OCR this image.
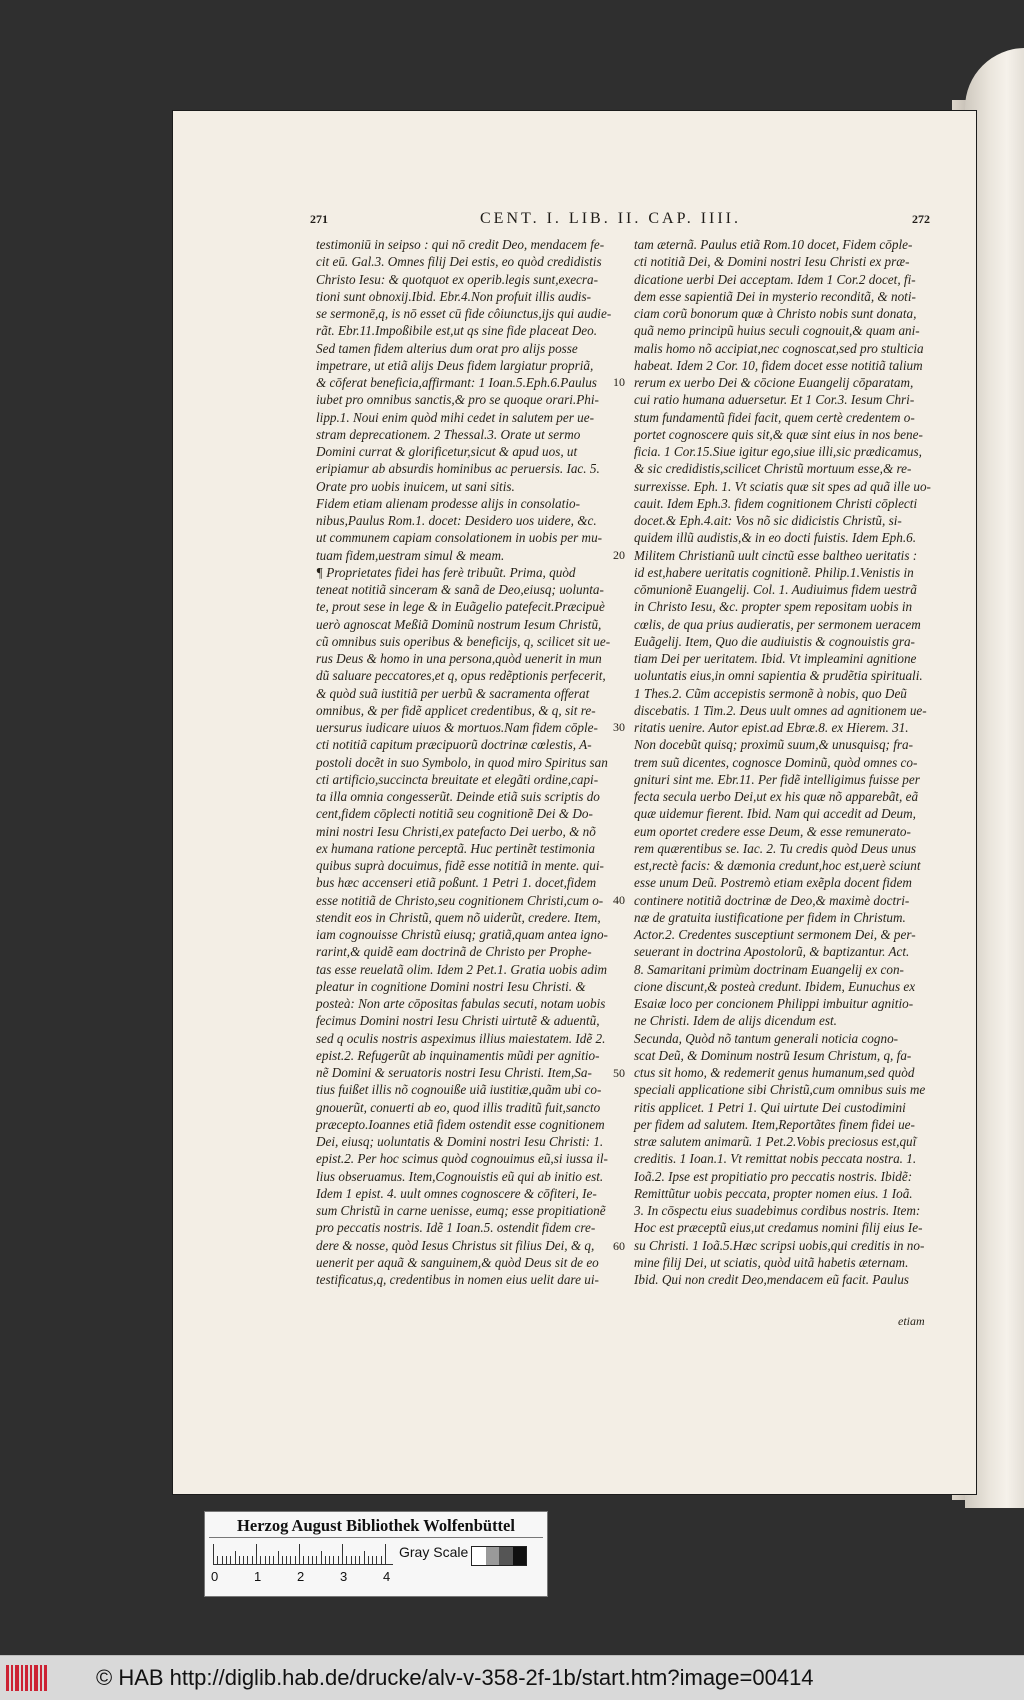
271	CENT. I. LIB. II. CAP. IIII.	272
testimoniū in seipso : qui nō credit Deo, mendacem fe-
cit eū. Gal.3. Omnes filij Dei estis, eo quòd credidistis
Christo Iesu: & quotquot ex operib.legis sunt,execra-
tioni sunt obnoxij.Ibid. Ebr.4.Non profuit illis audis-
se sermonē,q, is nō esset cū fide côiunctus,ijs qui audie-
rãt. Ebr.11.Impoßibile est,ut qs sine fide placeat Deo.
Sed tamen fidem alterius dum orat pro alijs posse
impetrare, ut etiã alijs Deus fidem largiatur propriã,
& cōferat beneficia,affirmant: 1 Ioan.5.Eph.6.Paulus
iubet pro omnibus sanctis,& pro se quoque orari.Phi-
lipp.1. Noui enim quòd mihi cedet in salutem per ue-
stram deprecationem. 2 Thessal.3. Orate ut sermo
Domini currat & glorificetur,sicut & apud uos, ut
eripiamur ab absurdis hominibus ac peruersis. Iac. 5.
Orate pro uobis inuicem, ut sani sitis.
Fidem etiam alienam prodesse alijs in consolatio-
nibus,Paulus Rom.1. docet: Desidero uos uidere, &c.
ut communem capiam consolationem in uobis per mu-
tuam fidem,uestram simul & meam.
¶ Proprietates fidei has ferè tribuũt. Prima, quòd
teneat notitiã sinceram & sanã de Deo,eiusq; uolunta-
te, prout sese in lege & in Euãgelio patefecit.Præcipuè
uerò agnoscat Meßiã Dominũ nostrum Iesum Christũ,
cũ omnibus suis operibus & beneficijs, q, scilicet sit ue-
rus Deus & homo in una persona,quòd uenerit in mun
dũ saluare peccatores,et q, opus redẽptionis perfecerit,
& quòd suã iustitiã per uerbũ & sacramenta offerat
omnibus, & per fidẽ applicet credentibus, & q, sit re-
uersurus iudicare uiuos & mortuos.Nam fidem cōple-
cti notitiã capitum præcipuorũ doctrinæ cœlestis, A-
postoli docẽt in suo Symbolo, in quod miro Spiritus san
cti artificio,succincta breuitate et elegãti ordine,capi-
ta illa omnia congesserũt. Deinde etiã suis scriptis do
cent,fidem cōplecti notitiã seu cognitionẽ Dei & Do-
mini nostri Iesu Christi,ex patefacto Dei uerbo, & nõ
ex humana ratione perceptã. Huc pertinẽt testimonia
quibus suprà docuimus, fidẽ esse notitiã in mente. qui-
bus hæc accenseri etiã poßunt. 1 Petri 1. docet,fidem
esse notitiã de Christo,seu cognitionem Christi,cum o-
stendit eos in Christũ, quem nõ uiderũt, credere. Item,
iam cognouisse Christũ eiusq; gratiã,quam antea igno-
rarint,& quidẽ eam doctrinã de Christo per Prophe-
tas esse reuelatã olim. Idem 2 Pet.1. Gratia uobis adim
pleatur in cognitione Domini nostri Iesu Christi. &
posteà: Non arte cōpositas fabulas secuti, notam uobis
fecimus Domini nostri Iesu Christi uirtutẽ & aduentũ,
sed q oculis nostris aspeximus illius maiestatem. Idẽ 2.
epist.2. Refugerũt ab inquinamentis mũdi per agnitio-
nẽ Domini & seruatoris nostri Iesu Christi. Item,Sa-
tius fuißet illis nõ cognouiße uiã iustitiæ,quãm ubi co-
gnouerũt, conuerti ab eo, quod illis traditũ fuit,sancto
præcepto.Ioannes etiã fidem ostendit esse cognitionem
Dei, eiusq; uoluntatis & Domini nostri Iesu Christi: 1.
epist.2. Per hoc scimus quòd cognouimus eũ,si iussa il-
lius obseruamus. Item,Cognouistis eũ qui ab initio est.
Idem 1 epist. 4. uult omnes cognoscere & cōfiteri, Ie-
sum Christũ in carne uenisse, eumq; esse propitiationẽ
pro peccatis nostris. Idẽ 1 Ioan.5. ostendit fidem cre-
dere & nosse, quòd Iesus Christus sit filius Dei, & q,
uenerit per aquã & sanguinem,& quòd Deus sit de eo
testificatus,q, credentibus in nomen eius uelit dare ui-
tam æternã. Paulus etiã Rom.10 docet, Fidem cōple-
cti notitiã Dei, & Domini nostri Iesu Christi ex præ-
dicatione uerbi Dei acceptam. Idem 1 Cor.2 docet, fi-
dem esse sapientiã Dei in mysterio reconditã, & noti-
ciam corũ bonorum quæ à Christo nobis sunt donata,
quã nemo principũ huius seculi cognouit,& quam ani-
malis homo nõ accipiat,nec cognoscat,sed pro stulticia
habeat. Idem 2 Cor. 10, fidem docet esse notitiã talium
rerum ex uerbo Dei & cōcione Euangelij cōparatam,
cui ratio humana aduersetur. Et 1 Cor.3. Iesum Chri-
stum fundamentũ fidei facit, quem certè credentem o-
portet cognoscere quis sit,& quæ sint eius in nos bene-
ficia. 1 Cor.15.Siue igitur ego,siue illi,sic prædicamus,
& sic credidistis,scilicet Christũ mortuum esse,& re-
surrexisse. Eph. 1. Vt sciatis quæ sit spes ad quã ille uo-
cauit. Idem Eph.3. fidem cognitionem Christi cōplecti
docet.& Eph.4.ait: Vos nõ sic didicistis Christũ, si-
quidem illũ audistis,& in eo docti fuistis. Idem Eph.6.
Militem Christianũ uult cinctũ esse baltheo ueritatis :
id est,habere ueritatis cognitionẽ. Philip.1.Venistis in
cōmunionẽ Euangelij. Col. 1. Audiuimus fidem uestrã
in Christo Iesu, &c. propter spem repositam uobis in
cœlis, de qua prius audieratis, per sermonem ueracem
Euãgelij. Item, Quo die audiuistis & cognouistis gra-
tiam Dei per ueritatem. Ibid. Vt impleamini agnitione
uoluntatis eius,in omni sapientia & prudẽtia spirituali.
1 Thes.2. Cũm accepistis sermonẽ à nobis, quo Deũ
discebatis. 1 Tim.2. Deus uult omnes ad agnitionem ue-
ritatis uenire. Autor epist.ad Ebræ.8. ex Hierem. 31.
Non docebũt quisq; proximũ suum,& unusquisq; fra-
trem suũ dicentes, cognosce Dominũ, quòd omnes co-
gnituri sint me. Ebr.11. Per fidẽ intelligimus fuisse per
fecta secula uerbo Dei,ut ex his quæ nõ apparebãt, eã
quæ uidemur fierent. Ibid. Nam qui accedit ad Deum,
eum oportet credere esse Deum, & esse remunerato-
rem quærentibus se. Iac. 2. Tu credis quòd Deus unus
est,rectè facis: & dæmonia credunt,hoc est,uerè sciunt
esse unum Deũ. Postremò etiam exẽpla docent fidem
continere notitiã doctrinæ de Deo,& maximè doctri-
næ de gratuita iustificatione per fidem in Christum.
Actor.2. Credentes susceptiunt sermonem Dei, & per-
seuerant in doctrina Apostolorũ, & baptizantur. Act.
8. Samaritani primùm doctrinam Euangelij ex con-
cione discunt,& posteà credunt. Ibidem, Eunuchus ex
Esaiæ loco per concionem Philippi imbuitur agnitio-
ne Christi. Idem de alijs dicendum est.
Secunda, Quòd nõ tantum generali noticia cogno-
scat Deũ, & Dominum nostrũ Iesum Christum, q, fa-
ctus sit homo, & redemerit genus humanum,sed quòd
speciali applicatione sibi Christũ,cum omnibus suis me
ritis applicet. 1 Petri 1. Qui uirtute Dei custodimini
per fidem ad salutem. Item,Reportãtes finem fidei ue-
stræ salutem animarũ. 1 Pet.2.Vobis preciosus est,quĩ
creditis. 1 Ioan.1. Vt remittat nobis peccata nostra. 1.
Ioã.2. Ipse est propitiatio pro peccatis nostris. Ibidẽ:
Remittũtur uobis peccata, propter nomen eius. 1 Ioã.
3. In cōspectu eius suadebimus cordibus nostris. Item:
Hoc est præceptũ eius,ut credamus nomini filij eius Ie-
su Christi. 1 Ioã.5.Hæc scripsi uobis,qui creditis in no-
mine filij Dei, ut sciatis, quòd uitã habetis æternam.
Ibid. Qui non credit Deo,mendacem eũ facit. Paulus
10
20
30
40
50
60
etiam
Herzog August Bibliothek Wolfenbüttel
0	1	2	3	4
Gray Scale
© HAB http://diglib.hab.de/drucke/alv-v-358-2f-1b/start.htm?image=00414
